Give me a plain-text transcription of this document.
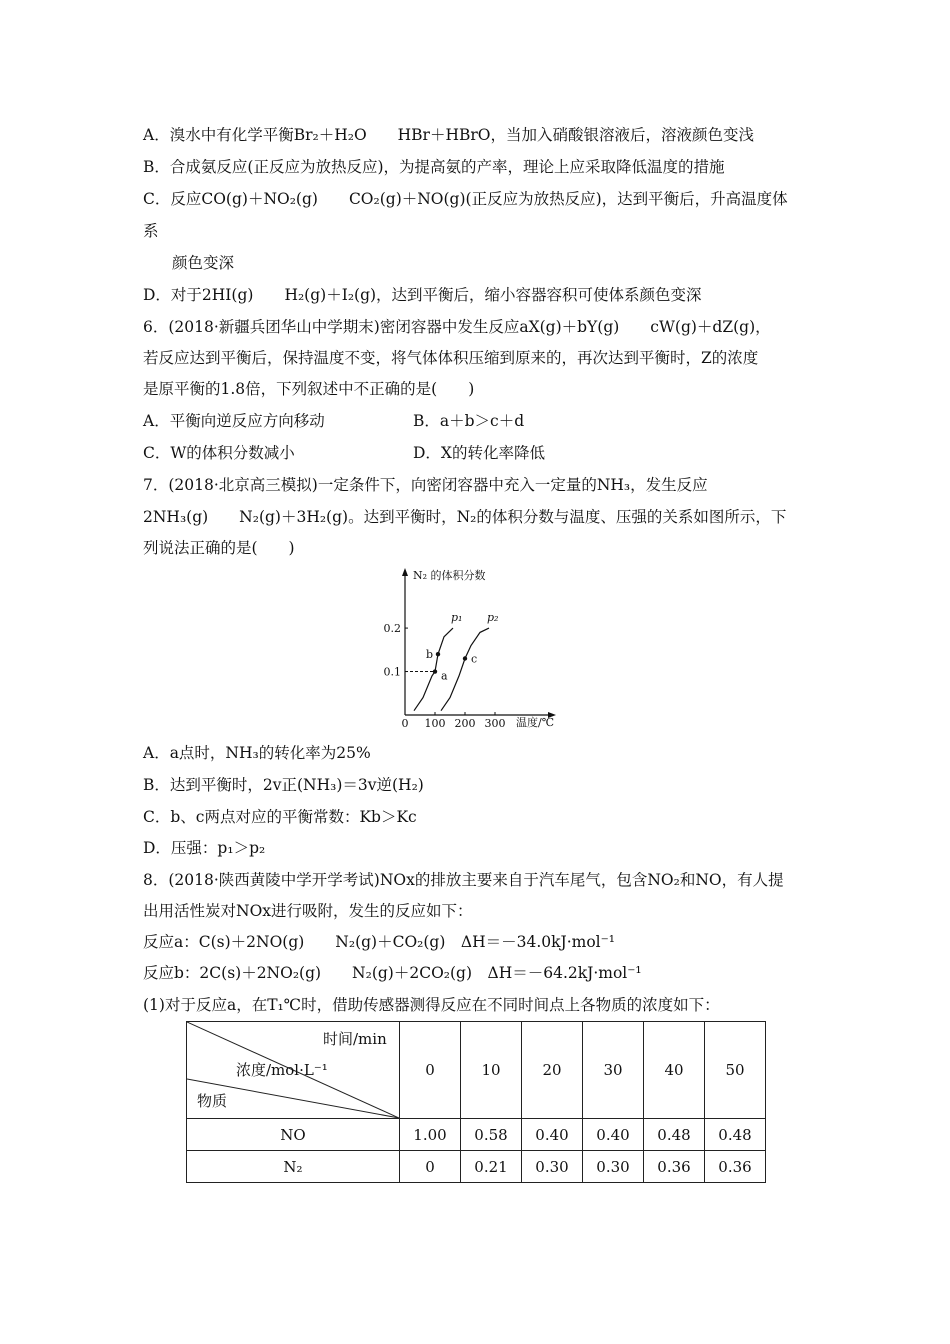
A．溴水中有化学平衡Br₂＋H₂O　　HBr＋HBrO，当加入硝酸银溶液后，溶液颜色变浅
B．合成氨反应(正反应为放热反应)，为提高氨的产率，理论上应采取降低温度的措施
C．反应CO(g)＋NO₂(g)　　CO₂(g)＋NO(g)(正反应为放热反应)，达到平衡后，升高温度体
系
颜色变深
D．对于2HI(g)　　H₂(g)＋I₂(g)，达到平衡后，缩小容器容积可使体系颜色变深
6．(2018·新疆兵团华山中学期末)密闭容器中发生反应aX(g)＋bY(g)　　cW(g)＋dZ(g)，
若反应达到平衡后，保持温度不变，将气体体积压缩到原来的，再次达到平衡时，Z的浓度
是原平衡的1.8倍，下列叙述中不正确的是(　　)
A．平衡向逆反应方向移动	B．a＋b＞c＋d
C．W的体积分数减小	D．X的转化率降低
7．(2018·北京高三模拟)一定条件下，向密闭容器中充入一定量的NH₃，发生反应
2NH₃(g)　　N₂(g)＋3H₂(g)。达到平衡时，N₂的体积分数与温度、压强的关系如图所示，下
列说法正确的是(　　)
N₂ 的体积分数
温度/℃
0 100 200 300
0.1
0.2
p₁ p₂
a
b	c
A．a点时，NH₃的转化率为25%
B．达到平衡时，2v正(NH₃)＝3v逆(H₂)
C．b、c两点对应的平衡常数：Kb＞Kc
D．压强：p₁＞p₂
8．(2018·陕西黄陵中学开学考试)NOx的排放主要来自于汽车尾气，包含NO₂和NO，有人提
出用活性炭对NOx进行吸附，发生的反应如下：
反应a：C(s)＋2NO(g)　　N₂(g)＋CO₂(g)　ΔH＝－34.0kJ·mol⁻¹
反应b：2C(s)＋2NO₂(g)　　N₂(g)＋2CO₂(g)　ΔH＝－64.2kJ·mol⁻¹
(1)对于反应a，在T₁℃时，借助传感器测得反应在不同时间点上各物质的浓度如下：
时间/min
浓度/mol·L⁻¹
物质	0	10	20	30	40	50
NO	1.00	0.58	0.40	0.40	0.48	0.48
N₂	0	0.21	0.30	0.30	0.36	0.36
